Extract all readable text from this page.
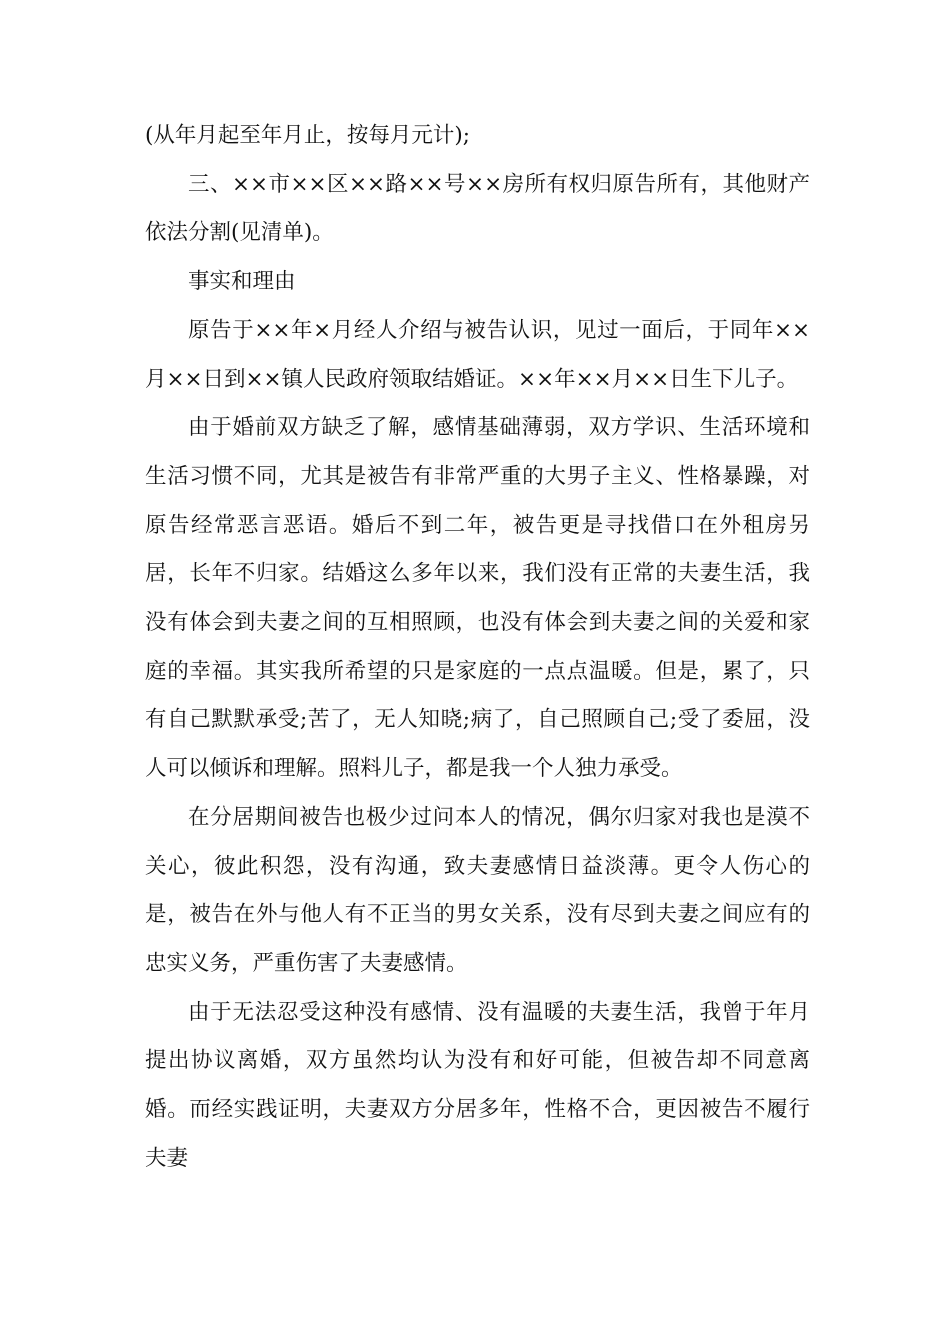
(从年月起至年月止，按每月元计);

三、××市××区××路××号××房所有权归原告所有，其他财产依法分割(见清单)。

事实和理由

原告于××年×月经人介绍与被告认识，见过一面后，于同年××月××日到××镇人民政府领取结婚证。××年××月××日生下儿子。

由于婚前双方缺乏了解，感情基础薄弱，双方学识、生活环境和生活习惯不同，尤其是被告有非常严重的大男子主义、性格暴躁，对原告经常恶言恶语。婚后不到二年，被告更是寻找借口在外租房另居，长年不归家。结婚这么多年以来，我们没有正常的夫妻生活，我没有体会到夫妻之间的互相照顾，也没有体会到夫妻之间的关爱和家庭的幸福。其实我所希望的只是家庭的一点点温暖。但是，累了，只有自己默默承受;苦了，无人知晓;病了，自己照顾自己;受了委屈，没人可以倾诉和理解。照料儿子，都是我一个人独力承受。

在分居期间被告也极少过问本人的情况，偶尔归家对我也是漠不关心，彼此积怨，没有沟通，致夫妻感情日益淡薄。更令人伤心的是，被告在外与他人有不正当的男女关系，没有尽到夫妻之间应有的忠实义务，严重伤害了夫妻感情。

由于无法忍受这种没有感情、没有温暖的夫妻生活，我曾于年月提出协议离婚，双方虽然均认为没有和好可能，但被告却不同意离婚。而经实践证明，夫妻双方分居多年，性格不合，更因被告不履行夫妻
